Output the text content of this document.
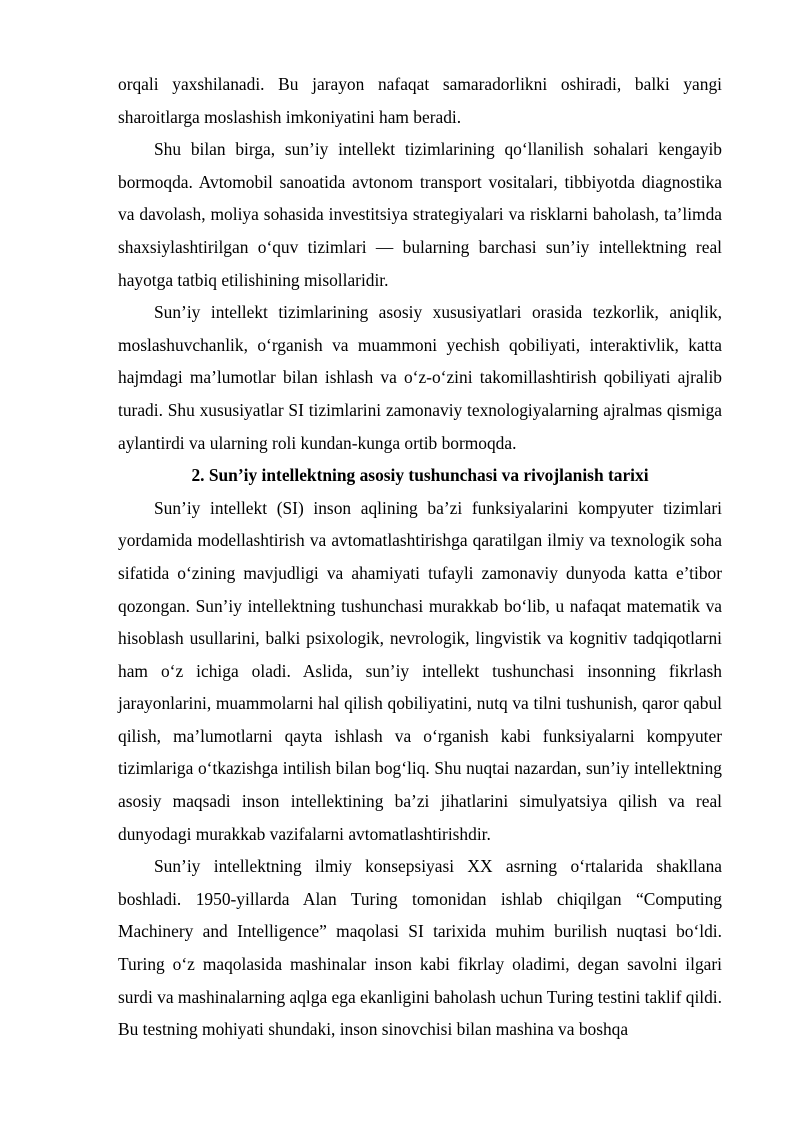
orqali yaxshilanadi. Bu jarayon nafaqat samaradorlikni oshiradi, balki yangi sharoitlarga moslashish imkoniyatini ham beradi.

Shu bilan birga, sun’iy intellekt tizimlarining qo‘llanilish sohalari kengayib bormoqda. Avtomobil sanoatida avtonom transport vositalari, tibbiyotda diagnostika va davolash, moliya sohasida investitsiya strategiyalari va risklarni baholash, ta’limda shaxsiylashtirilgan o‘quv tizimlari — bularning barchasi sun’iy intellektning real hayotga tatbiq etilishining misollaridir.

Sun’iy intellekt tizimlarining asosiy xususiyatlari orasida tezkorlik, aniqlik, moslashuvchanlik, o‘rganish va muammoni yechish qobiliyati, interaktivlik, katta hajmdagi ma’lumotlar bilan ishlash va o‘z-o‘zini takomillashtirish qobiliyati ajralib turadi. Shu xususiyatlar SI tizimlarini zamonaviy texnologiyalarning ajralmas qismiga aylantirdi va ularning roli kundan-kunga ortib bormoqda.

2. Sun’iy intellektning asosiy tushunchasi va rivojlanish tarixi

Sun’iy intellekt (SI) inson aqlining ba’zi funksiyalarini kompyuter tizimlari yordamida modellashtirish va avtomatlashtirishga qaratilgan ilmiy va texnologik soha sifatida o‘zining mavjudligi va ahamiyati tufayli zamonaviy dunyoda katta e’tibor qozongan. Sun’iy intellektning tushunchasi murakkab bo‘lib, u nafaqat matematik va hisoblash usullarini, balki psixologik, nevrologik, lingvistik va kognitiv tadqiqotlarni ham o‘z ichiga oladi. Aslida, sun’iy intellekt tushunchasi insonning fikrlash jarayonlarini, muammolarni hal qilish qobiliyatini, nutq va tilni tushunish, qaror qabul qilish, ma’lumotlarni qayta ishlash va o‘rganish kabi funksiyalarni kompyuter tizimlariga o‘tkazishga intilish bilan bog‘liq. Shu nuqtai nazardan, sun’iy intellektning asosiy maqsadi inson intellektining ba’zi jihatlarini simulyatsiya qilish va real dunyodagi murakkab vazifalarni avtomatlashtirishdir.

Sun’iy intellektning ilmiy konsepsiyasi XX asrning o‘rtalarida shakllana boshladi. 1950-yillarda Alan Turing tomonidan ishlab chiqilgan “Computing Machinery and Intelligence” maqolasi SI tarixida muhim burilish nuqtasi bo‘ldi. Turing o‘z maqolasida mashinalar inson kabi fikrlay oladimi, degan savolni ilgari surdi va mashinalarning aqlga ega ekanligini baholash uchun Turing testini taklif qildi. Bu testning mohiyati shundaki, inson sinovchisi bilan mashina va boshqa
